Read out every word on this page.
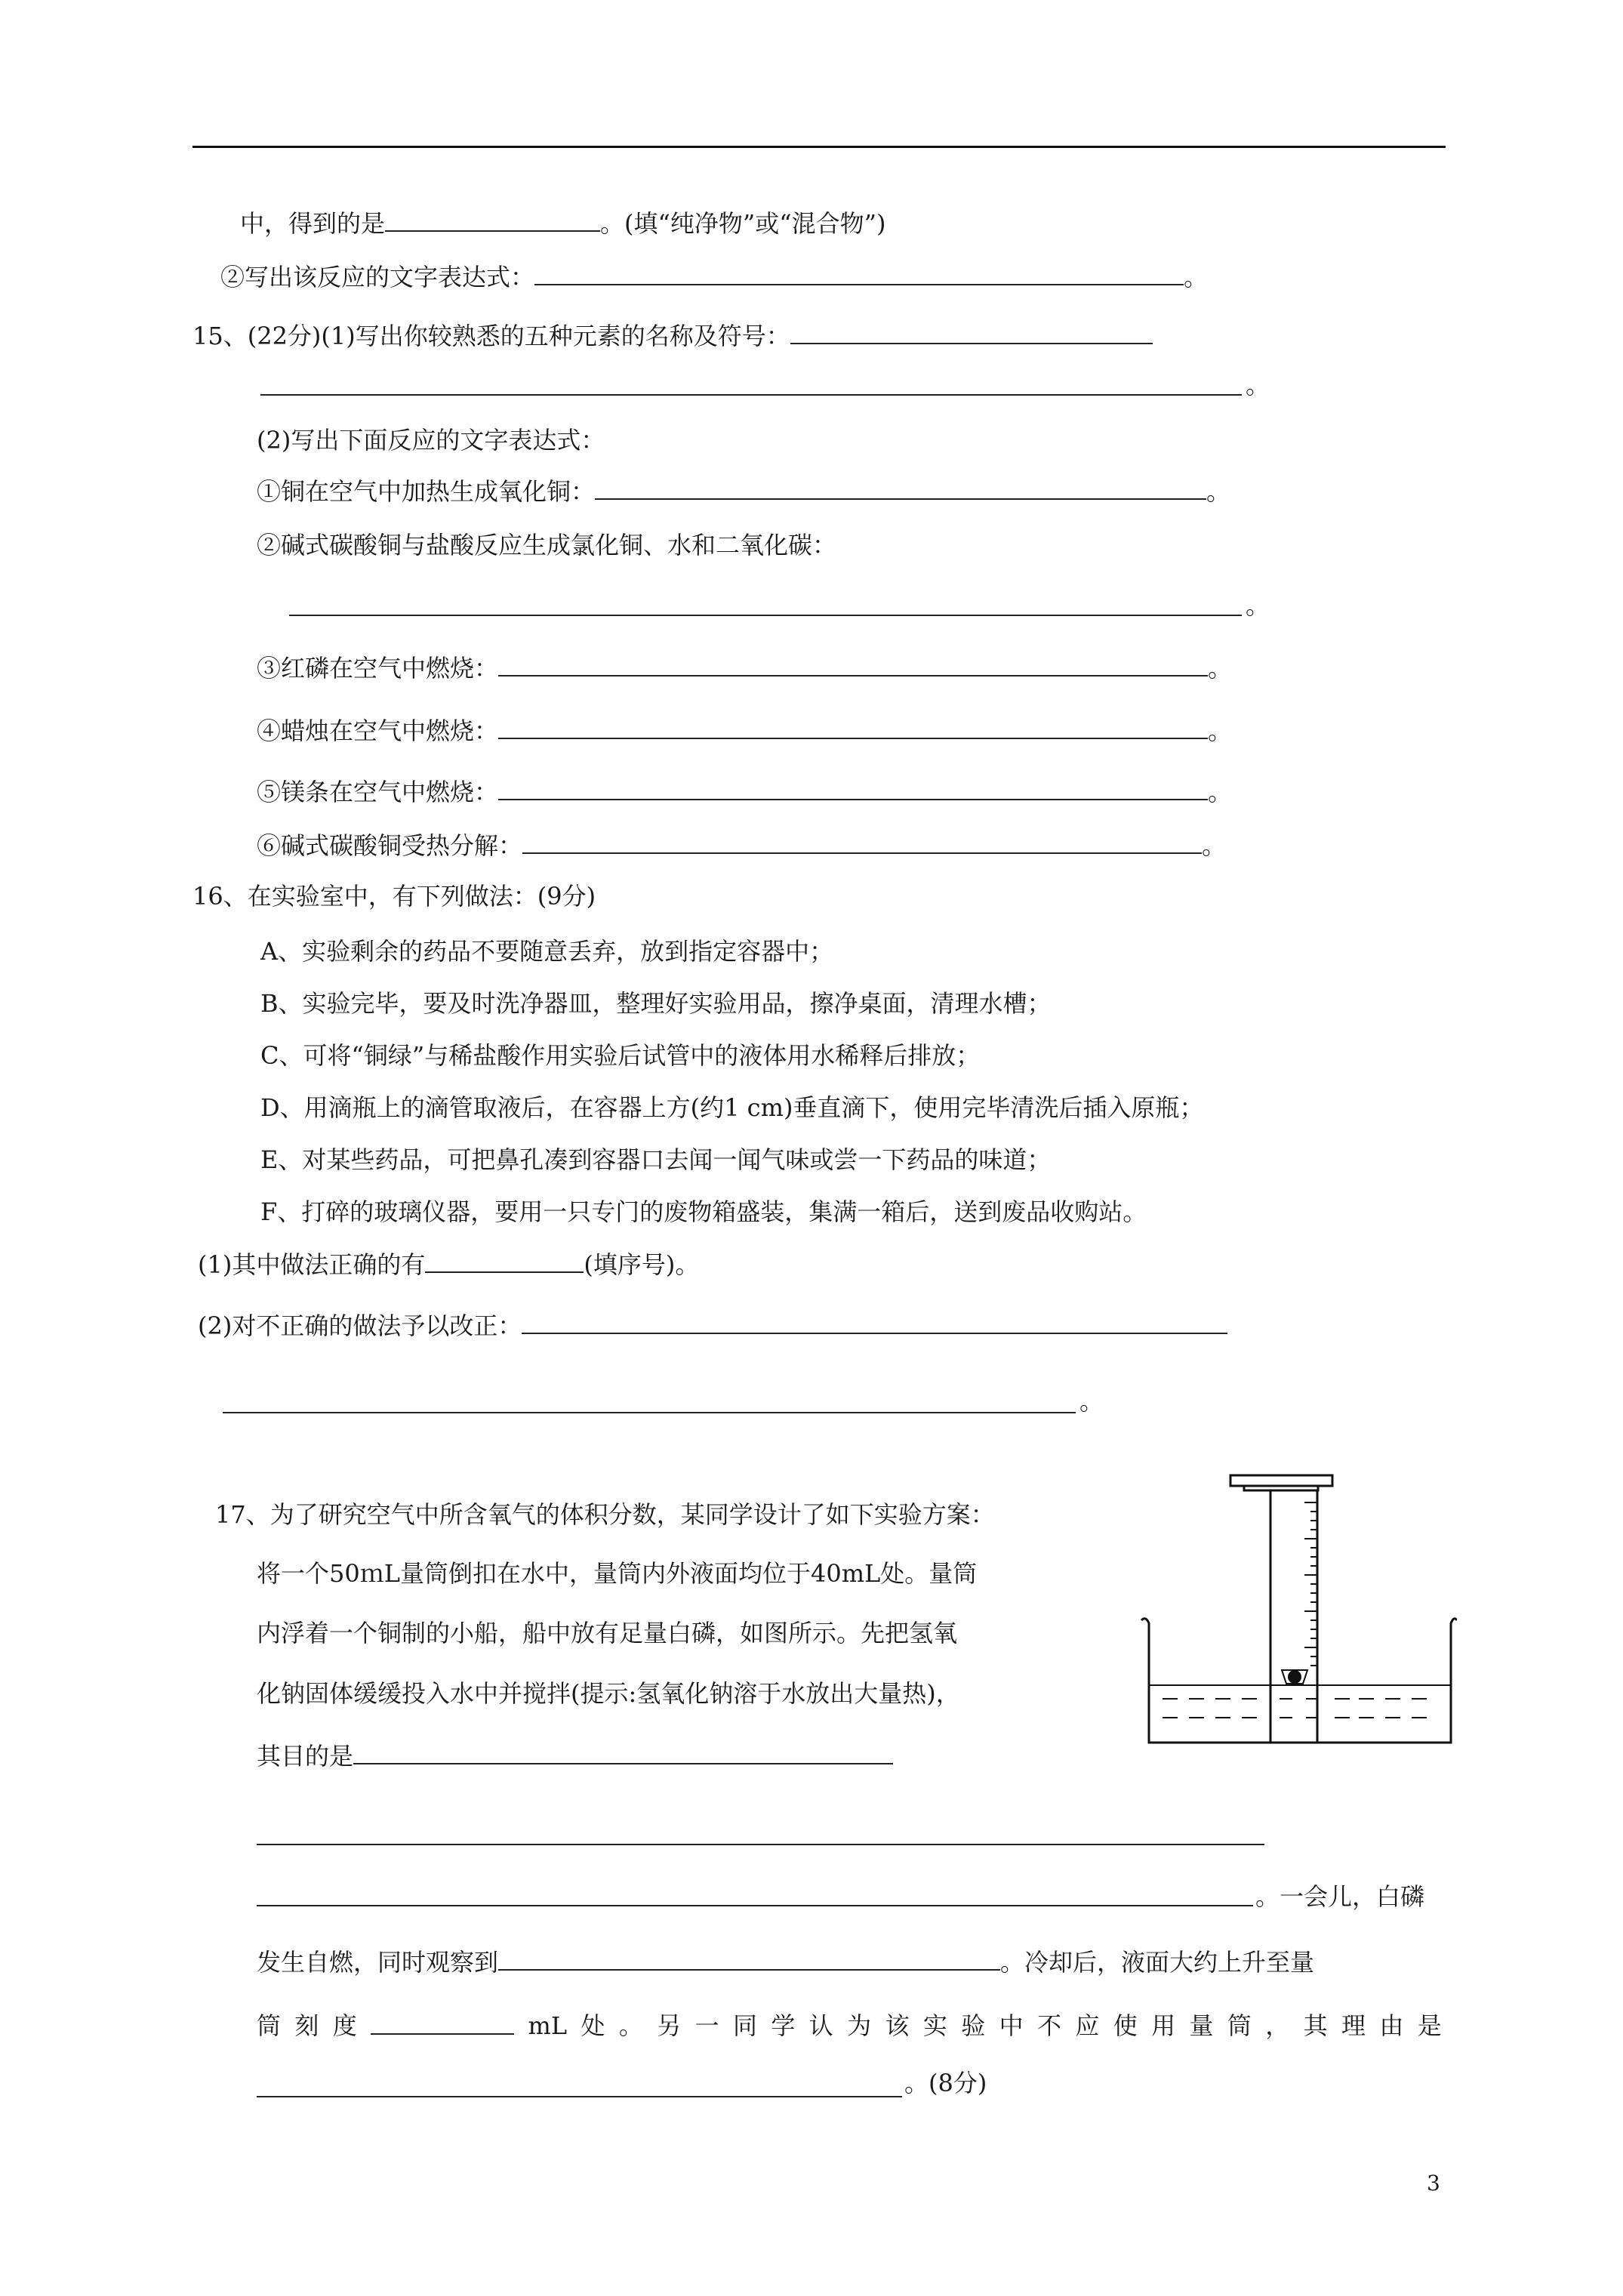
中，得到的是	。(填“纯净物”或“混合物”)
②写出该反应的文字表达式：	。
15、(22分)(1)写出你较熟悉的五种元素的名称及符号：
。
(2)写出下面反应的文字表达式：
①铜在空气中加热生成氧化铜：	。
②碱式碳酸铜与盐酸反应生成氯化铜、水和二氧化碳：
。
③红磷在空气中燃烧：	。
④蜡烛在空气中燃烧：	。
⑤镁条在空气中燃烧：	。
⑥碱式碳酸铜受热分解：	。
16、在实验室中，有下列做法：(9分)
A、实验剩余的药品不要随意丢弃，放到指定容器中；
B、实验完毕，要及时洗净器皿，整理好实验用品，擦净桌面，清理水槽；
C、可将“铜绿”与稀盐酸作用实验后试管中的液体用水稀释后排放；
D、用滴瓶上的滴管取液后，在容器上方(约1 cm)垂直滴下，使用完毕清洗后插入原瓶；
E、对某些药品，可把鼻孔凑到容器口去闻一闻气味或尝一下药品的味道；
F、打碎的玻璃仪器，要用一只专门的废物箱盛装，集满一箱后，送到废品收购站。
(1)其中做法正确的有	(填序号)。
(2)对不正确的做法予以改正：
。
17、为了研究空气中所含氧气的体积分数，某同学设计了如下实验方案：
将一个50ｍL量筒倒扣在水中，量筒内外液面均位于40mL处。量筒
内浮着一个铜制的小船，船中放有足量白磷，如图所示。先把氢氧
化钠固体缓缓投入水中并搅拌(提示:氢氧化钠溶于水放出大量热)，
其目的是
。一会儿，白磷
发生自燃，同时观察到	。冷却后，液面大约上升至量
筒 刻 度	mL 处 。 另 一 同 学 认 为 该 实 验 中 不 应 使 用 量 筒 ， 其 理 由 是
。(8分)
3
